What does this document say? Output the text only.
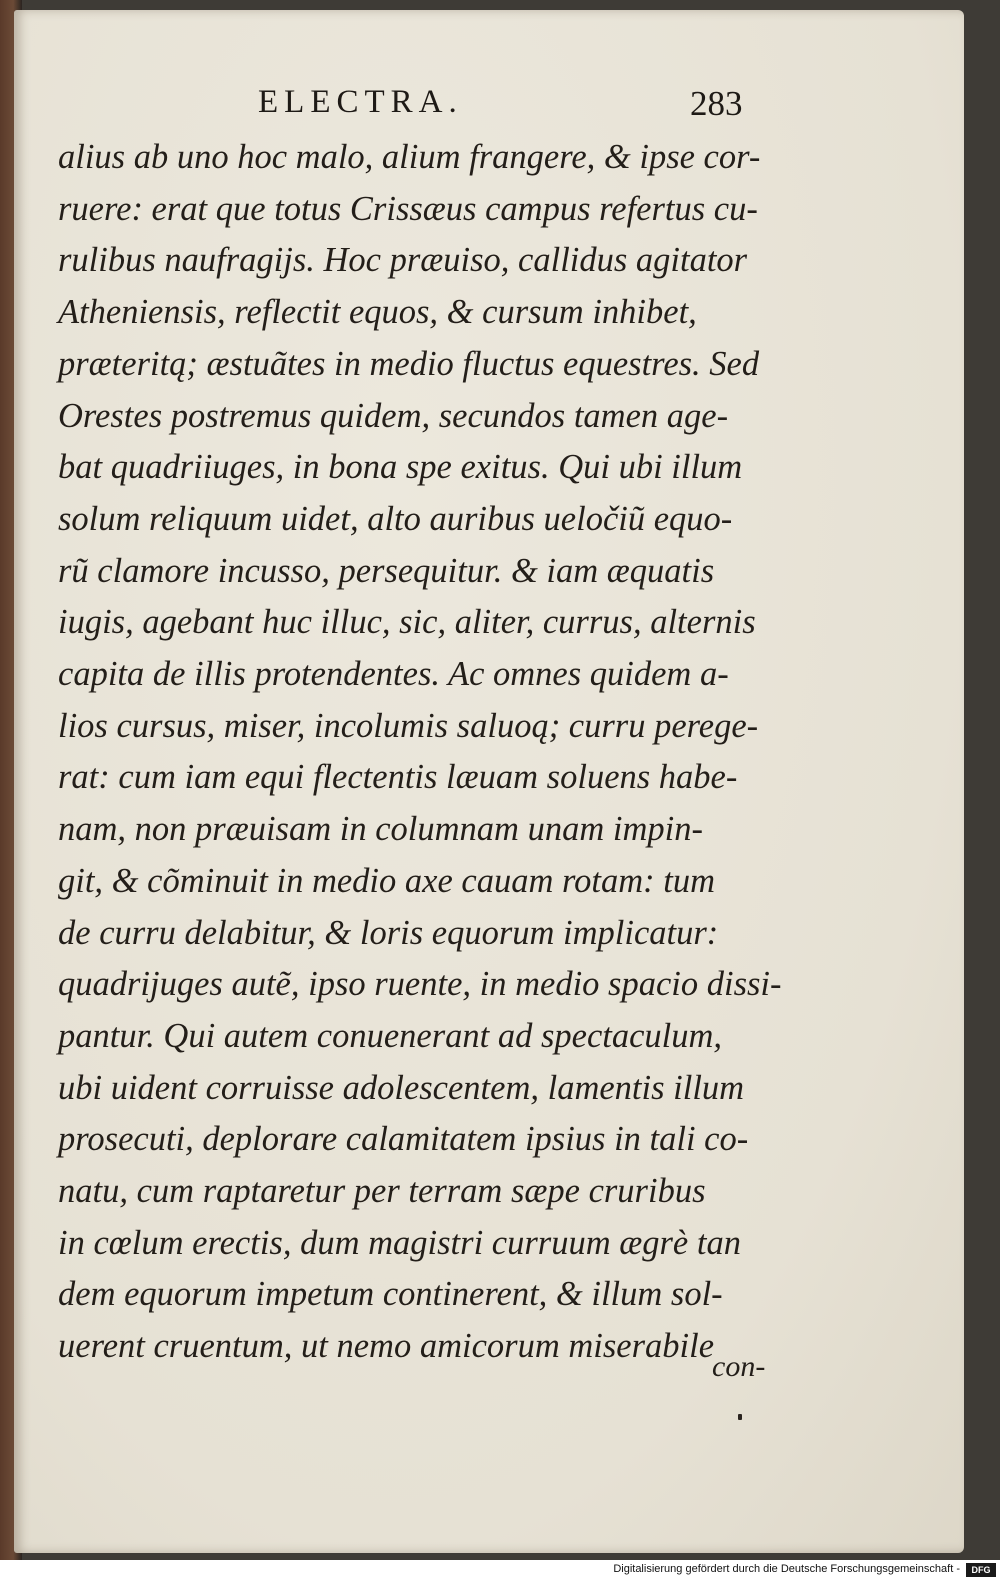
ELECTRA.	283
alius ab uno hoc malo, alium frangere, & ipse cor-
ruere: erat que totus Crissæus campus refertus cu-
rulibus naufragijs. Hoc præuiso, callidus agitator
Atheniensis, reflectit equos, & cursum inhibet,
præteritą; æstuãtes in medio fluctus equestres. Sed
Orestes postremus quidem, secundos tamen age-
bat quadriiuges, in bona spe exitus. Qui ubi illum
solum reliquum uidet, alto auribus ueločiũ equo-
rũ clamore incusso, persequitur. & iam æquatis
iugis, agebant huc illuc, sic, aliter, currus, alternis
capita de illis protendentes. Ac omnes quidem a-
lios cursus, miser, incolumis saluoą; curru perege-
rat: cum iam equi flectentis læuam soluens habe-
nam, non præuisam in columnam unam impin-
git, & cõminuit in medio axe cauam rotam: tum
de curru delabitur, & loris equorum implicatur:
quadrijuges autẽ, ipso ruente, in medio spacio dissi-
pantur. Qui autem conuenerant ad spectaculum,
ubi uident corruisse adolescentem, lamentis illum
prosecuti, deplorare calamitatem ipsius in tali co-
natu, cum raptaretur per terram sæpe cruribus
in cœlum erectis, dum magistri curruum ægrè tan
dem equorum impetum continerent, & illum sol-
uerent cruentum, ut nemo amicorum miserabile
con-
Digitalisierung gefördert durch die Deutsche Forschungsgemeinschaft -	DFG
